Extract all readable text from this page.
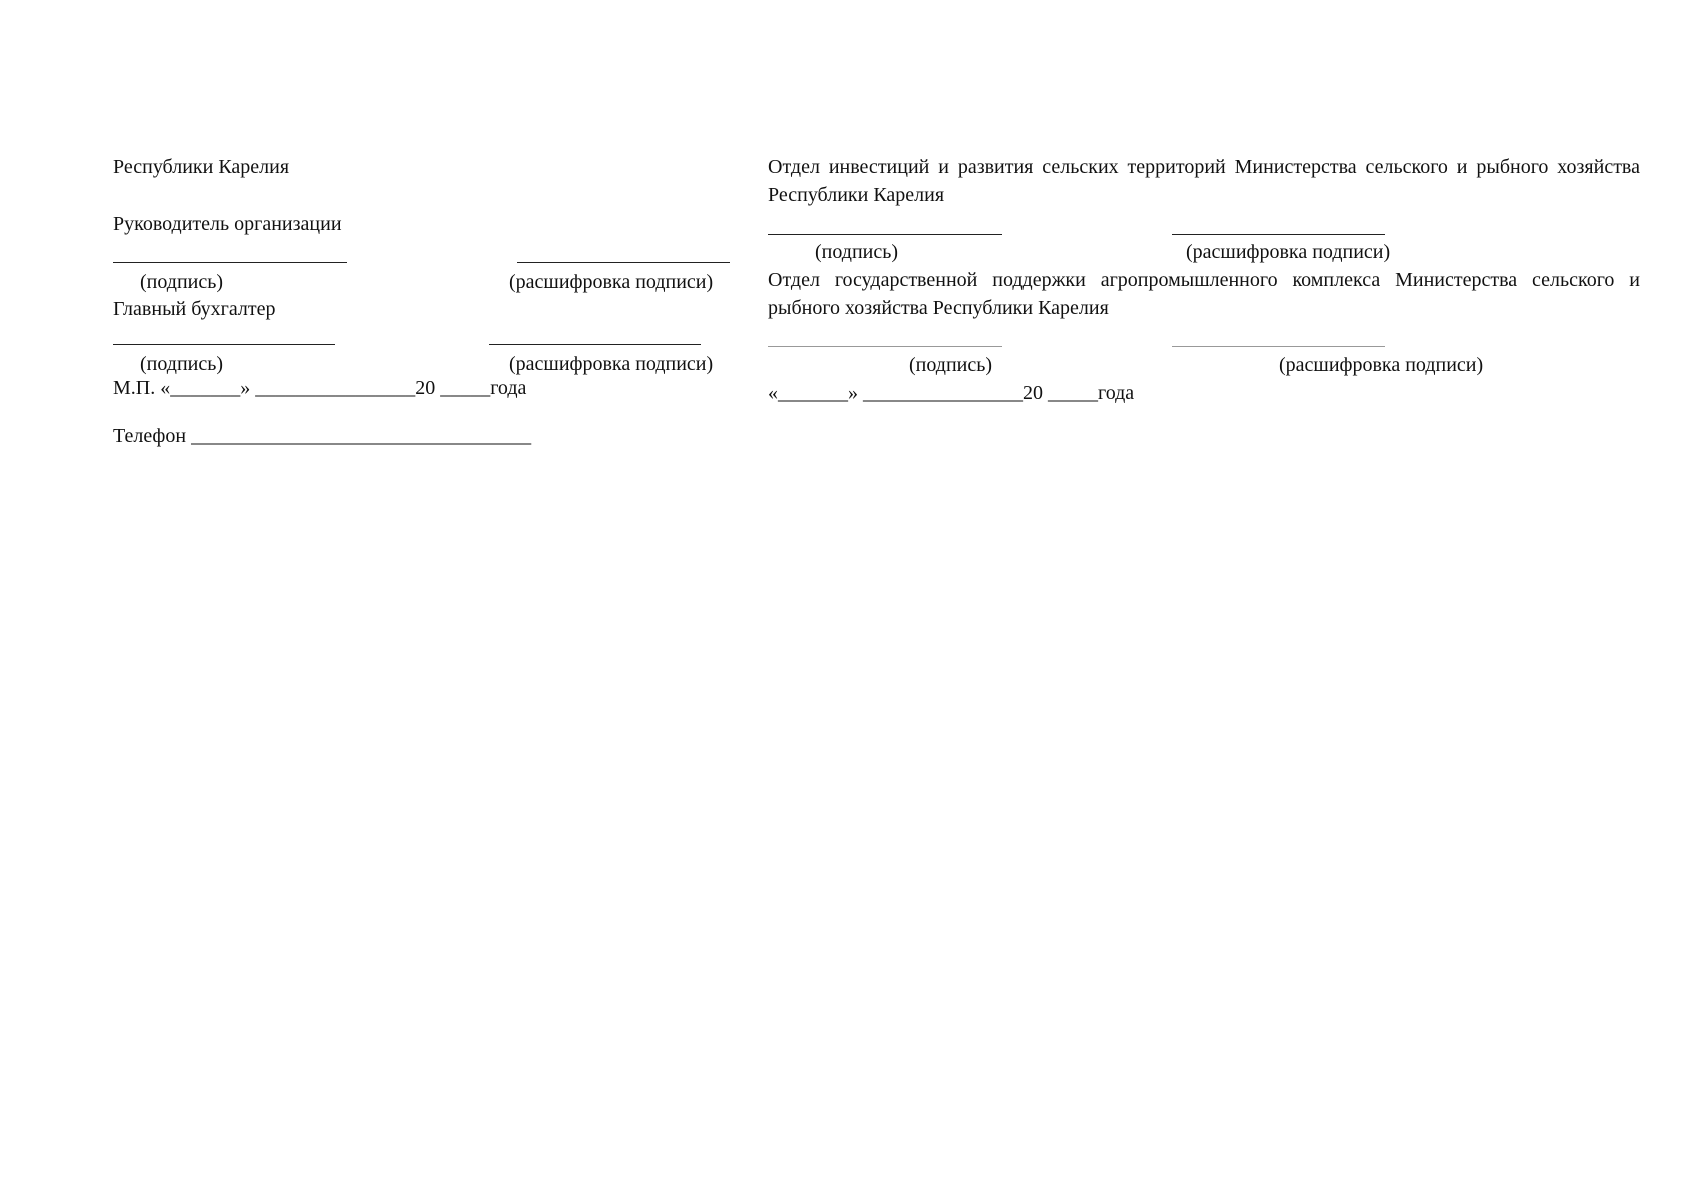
Республики Карелия
Руководитель организации
(подпись)	(расшифровка подписи)
Главный бухгалтер
(подпись)	(расшифровка подписи)
М.П. «_______» ________________20 _____года
Телефон __________________________________
Отдел инвестиций и развития сельских территорий Министерства сельского и рыбного хозяйства Республики Карелия
(подпись)	(расшифровка подписи)
Отдел государственной поддержки агропромышленного комплекса Министерства сельского и рыбного хозяйства Республики Карелия
(подпись)	(расшифровка подписи)
«_______» ________________20 _____года
